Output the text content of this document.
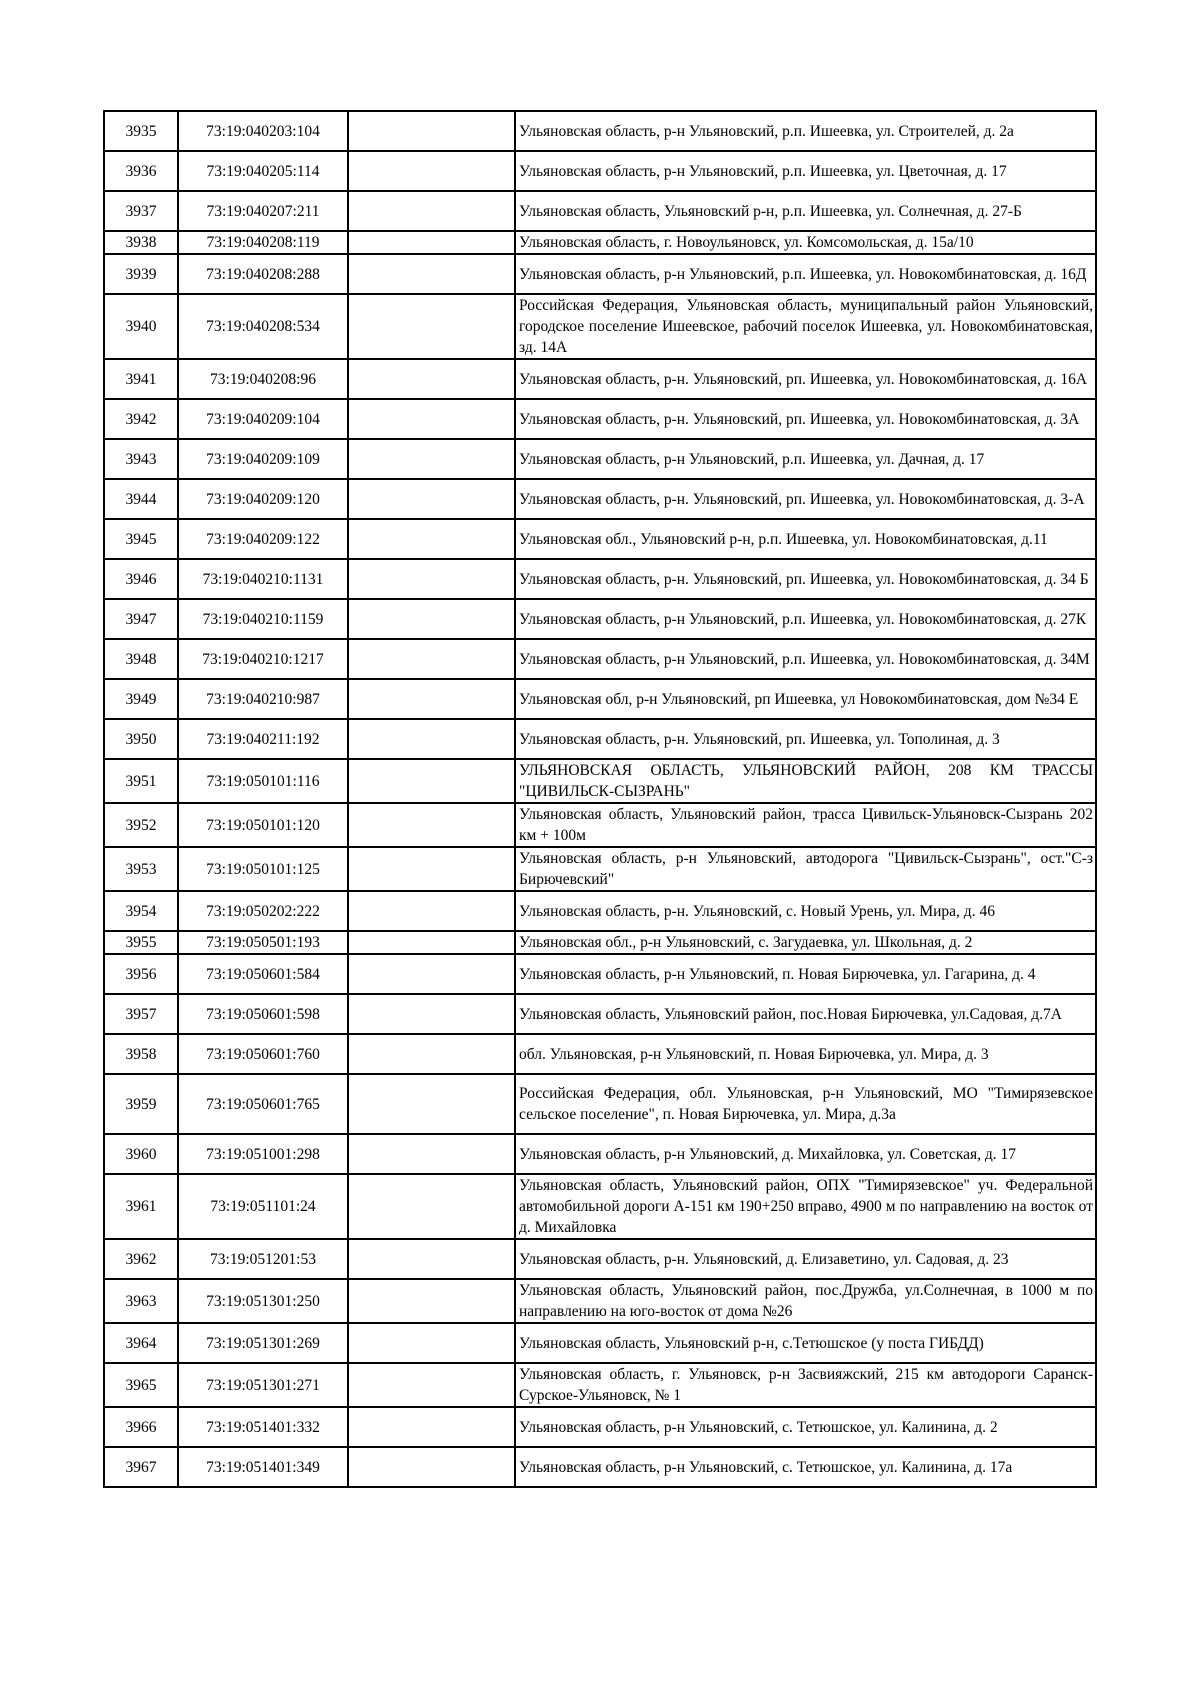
3935	73:19:040203:104		Ульяновская область, р-н Ульяновский, р.п. Ишеевка, ул. Строителей, д. 2а
3936	73:19:040205:114		Ульяновская область, р-н Ульяновский, р.п. Ишеевка, ул. Цветочная, д. 17
3937	73:19:040207:211		Ульяновская область, Ульяновский р-н, р.п. Ишеевка, ул. Солнечная, д. 27-Б
3938	73:19:040208:119		Ульяновская область, г. Новоульяновск, ул. Комсомольская, д. 15а/10
3939	73:19:040208:288		Ульяновская область, р-н Ульяновский, р.п. Ишеевка, ул. Новокомбинатовская, д. 16Д
3940	73:19:040208:534		Российская Федерация, Ульяновская область, муниципальный район Ульяновский, городское поселение Ишеевское, рабочий поселок Ишеевка, ул. Новокомбинатовская, зд. 14А
3941	73:19:040208:96		Ульяновская область, р-н. Ульяновский, рп. Ишеевка, ул. Новокомбинатовская, д. 16А
3942	73:19:040209:104		Ульяновская область, р-н. Ульяновский, рп. Ишеевка, ул. Новокомбинатовская, д. 3А
3943	73:19:040209:109		Ульяновская область, р-н Ульяновский, р.п. Ишеевка, ул. Дачная, д. 17
3944	73:19:040209:120		Ульяновская область, р-н. Ульяновский, рп. Ишеевка, ул. Новокомбинатовская, д. 3-А
3945	73:19:040209:122		Ульяновская обл., Ульяновский р-н, р.п. Ишеевка, ул. Новокомбинатовская, д.11
3946	73:19:040210:1131		Ульяновская область, р-н. Ульяновский, рп. Ишеевка, ул. Новокомбинатовская, д. 34 Б
3947	73:19:040210:1159		Ульяновская область, р-н Ульяновский, р.п. Ишеевка, ул. Новокомбинатовская, д. 27К
3948	73:19:040210:1217		Ульяновская область, р-н Ульяновский, р.п. Ишеевка, ул. Новокомбинатовская, д. 34М
3949	73:19:040210:987		Ульяновская обл, р-н Ульяновский, рп Ишеевка, ул Новокомбинатовская, дом №34 Е
3950	73:19:040211:192		Ульяновская область, р-н. Ульяновский, рп. Ишеевка, ул. Тополиная, д. 3
3951	73:19:050101:116		УЛЬЯНОВСКАЯ ОБЛАСТЬ, УЛЬЯНОВСКИЙ РАЙОН, 208 КМ ТРАССЫ "ЦИВИЛЬСК-СЫЗРАНЬ"
3952	73:19:050101:120		Ульяновская область, Ульяновский район, трасса Цивильск-Ульяновск-Сызрань 202 км + 100м
3953	73:19:050101:125		Ульяновская область, р-н Ульяновский, автодорога "Цивильск-Сызрань", ост."С-з Бирючевский"
3954	73:19:050202:222		Ульяновская область, р-н. Ульяновский, с. Новый Урень, ул. Мира, д. 46
3955	73:19:050501:193		Ульяновская обл., р-н Ульяновский, с. Загудаевка, ул. Школьная, д. 2
3956	73:19:050601:584		Ульяновская область, р-н Ульяновский, п. Новая Бирючевка, ул. Гагарина, д. 4
3957	73:19:050601:598		Ульяновская область, Ульяновский район, пос.Новая Бирючевка, ул.Садовая, д.7А
3958	73:19:050601:760		обл. Ульяновская, р-н Ульяновский, п. Новая Бирючевка, ул. Мира, д. 3
3959	73:19:050601:765		Российская Федерация, обл. Ульяновская, р-н Ульяновский, МО "Тимирязевское сельское поселение", п. Новая Бирючевка, ул. Мира, д.3а
3960	73:19:051001:298		Ульяновская область, р-н Ульяновский, д. Михайловка, ул. Советская, д. 17
3961	73:19:051101:24		Ульяновская область, Ульяновский район, ОПХ "Тимирязевское" уч. Федеральной автомобильной дороги А-151 км 190+250 вправо, 4900 м по направлению на восток от д. Михайловка
3962	73:19:051201:53		Ульяновская область, р-н. Ульяновский, д. Елизаветино, ул. Садовая, д. 23
3963	73:19:051301:250		Ульяновская область, Ульяновский район, пос.Дружба, ул.Солнечная, в 1000 м по направлению на юго-восток от дома №26
3964	73:19:051301:269		Ульяновская область, Ульяновский р-н, с.Тетюшское (у поста ГИБДД)
3965	73:19:051301:271		Ульяновская область, г. Ульяновск, р-н Засвияжский, 215 км автодороги Саранск-Сурское-Ульяновск, № 1
3966	73:19:051401:332		Ульяновская область, р-н Ульяновский, с. Тетюшское, ул. Калинина, д. 2
3967	73:19:051401:349		Ульяновская область, р-н Ульяновский, с. Тетюшское, ул. Калинина, д. 17а
